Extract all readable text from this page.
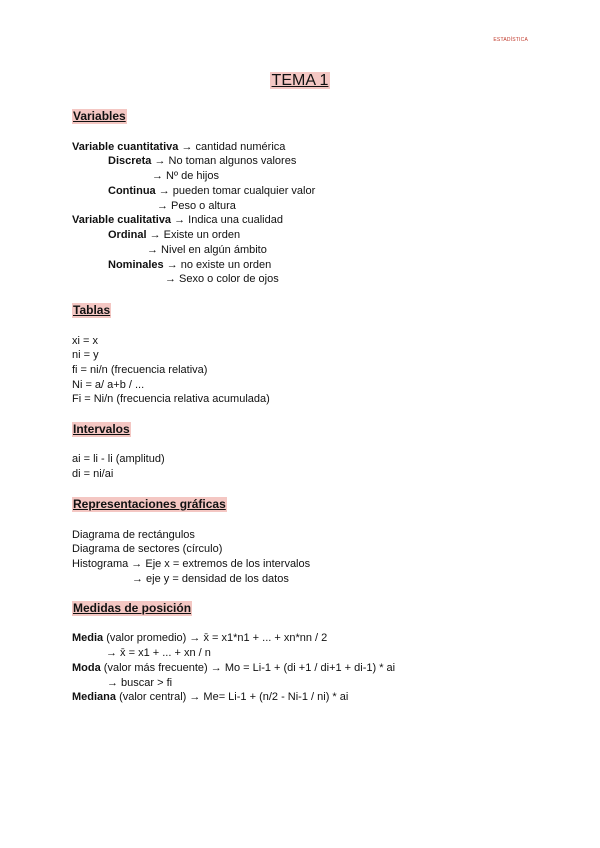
ESTADÍSTICA
TEMA 1
Variables
Variable cuantitativa → cantidad numérica
Discreta → No toman algunos valores
→ Nº de hijos
Continua → pueden tomar cualquier valor
→ Peso o altura
Variable cualitativa → Indica una cualidad
Ordinal → Existe un orden
→ Nivel en algún ámbito
Nominales → no existe un orden
→ Sexo o color de ojos
Tablas
xi = x
ni = y
fi = ni/n (frecuencia relativa)
Ni = a/ a+b / ...
Fi = Ni/n (frecuencia relativa acumulada)
Intervalos
ai = li - li (amplitud)
di = ni/ai
Representaciones gráficas
Diagrama de rectángulos
Diagrama de sectores (círculo)
Histograma → Eje x = extremos de los intervalos
→ eje y = densidad de los datos
Medidas de posición
Media (valor promedio) → x̄ = x1*n1 + ... + xn*nn / 2
→ x̄ = x1 + ... + xn / n
Moda (valor más frecuente) → Mo = Li-1 + (di +1 / di+1 + di-1) * ai
→ buscar > fi
Mediana (valor central) → Me= Li-1 + (n/2 - Ni-1 / ni) * ai
